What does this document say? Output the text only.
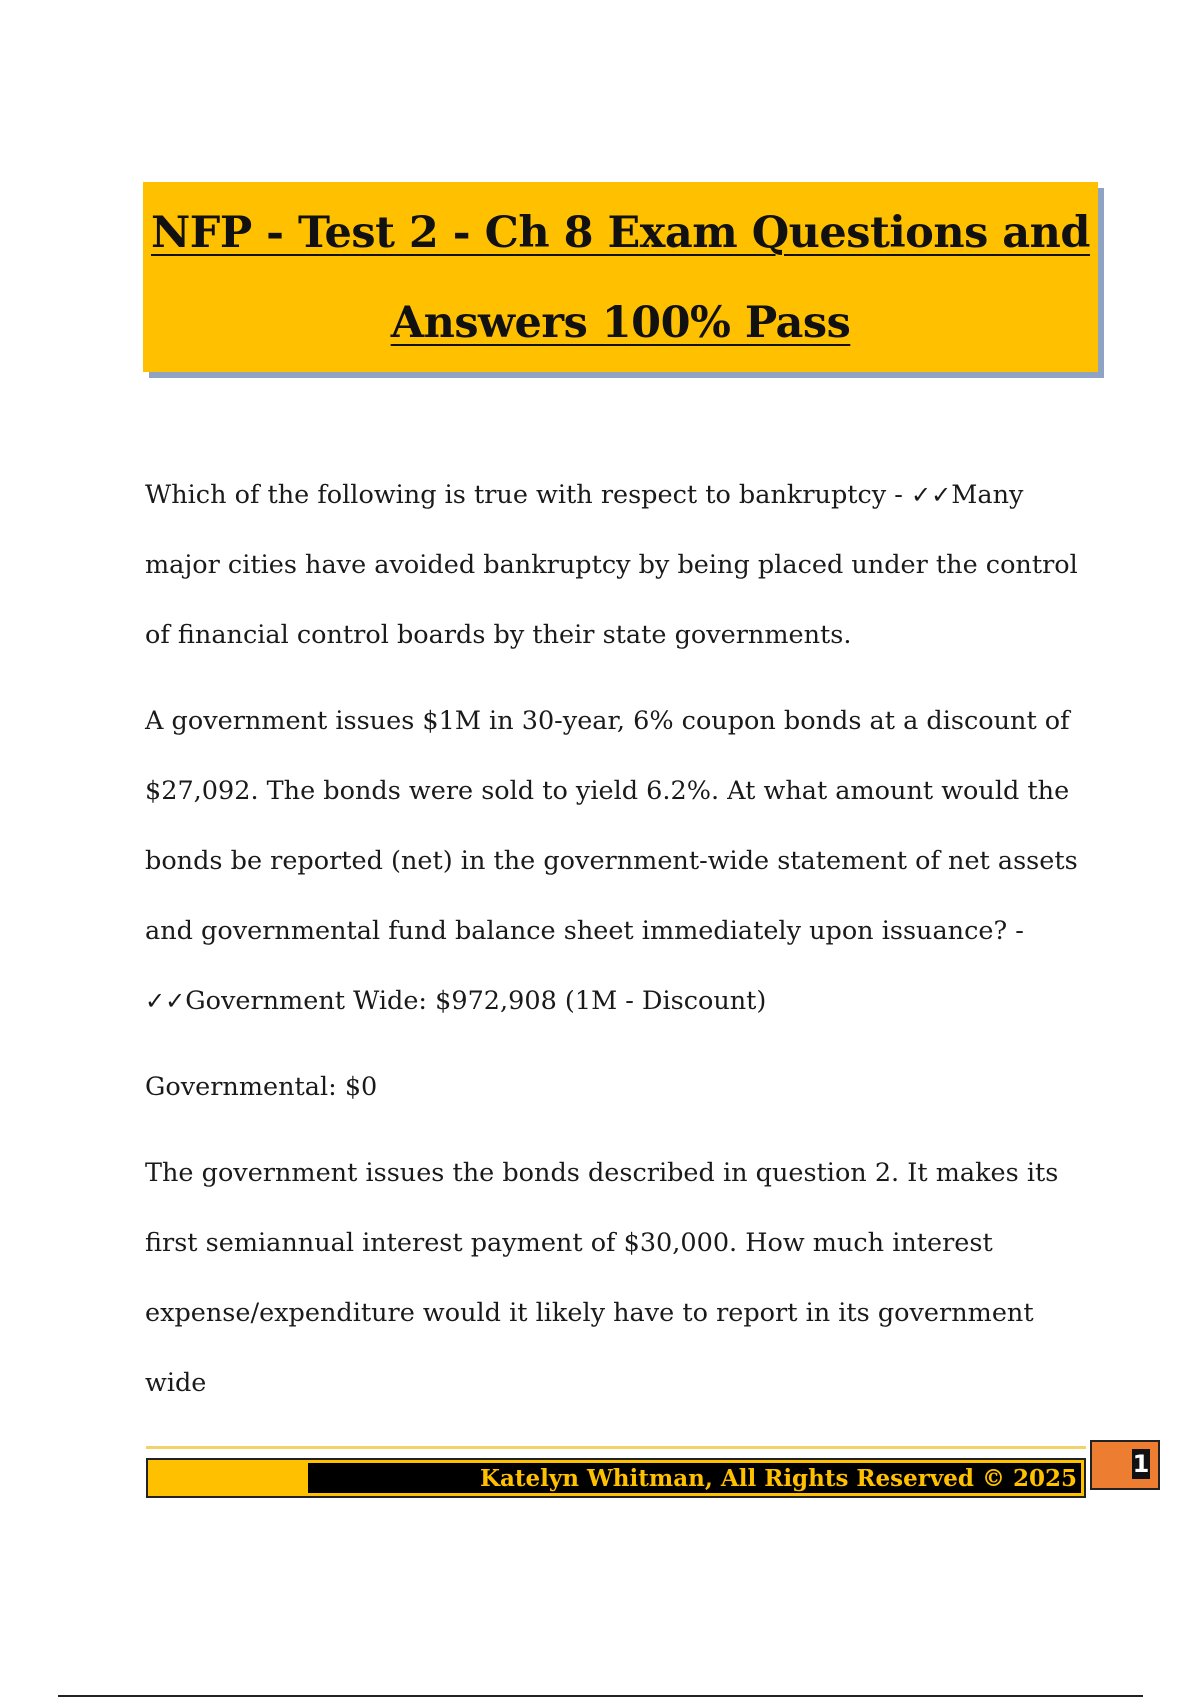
NFP - Test 2 - Ch 8 Exam Questions and
Answers 100% Pass

Which of the following is true with respect to bankruptcy - ✓✓Many major cities have avoided bankruptcy by being placed under the control of financial control boards by their state governments.

A government issues $1M in 30-year, 6% coupon bonds at a discount of $27,092. The bonds were sold to yield 6.2%. At what amount would the bonds be reported (net) in the government-wide statement of net assets and governmental fund balance sheet immediately upon issuance? -
✓✓Government Wide: $972,908 (1M - Discount)

Governmental: $0

The government issues the bonds described in question 2. It makes its first semiannual interest payment of $30,000. How much interest expense/expenditure would it likely have to report in its government wide

Katelyn Whitman, All Rights Reserved © 2025
1
